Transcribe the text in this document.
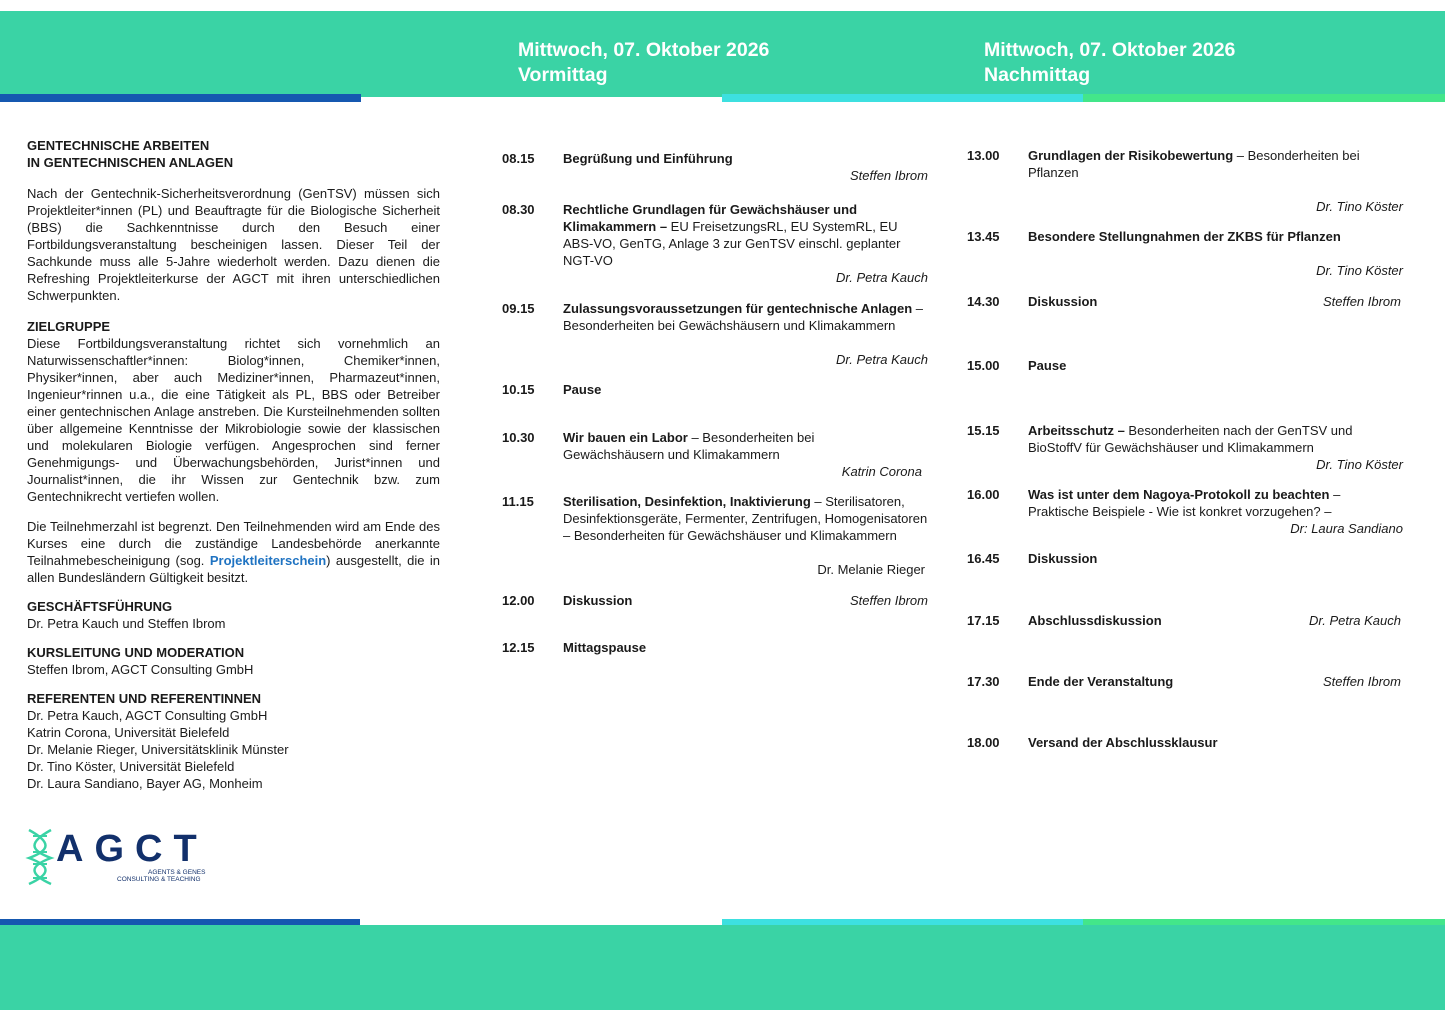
Mittwoch, 07. Oktober 2026
Vormittag
Mittwoch, 07. Oktober 2026
Nachmittag
GENTECHNISCHE ARBEITEN
IN GENTECHNISCHEN ANLAGEN

Nach der Gentechnik-Sicherheitsverordnung (GenTSV) müssen sich Projektleiter*innen (PL) und Beauftragte für die Biologische Sicherheit (BBS) die Sachkenntnisse durch den Besuch einer Fortbildungsveranstaltung bescheinigen lassen. Dieser Teil der Sachkunde muss alle 5-Jahre wiederholt werden. Dazu dienen die Refreshing Projektleiterkurse der AGCT mit ihren unterschiedlichen Schwerpunkten.

ZIELGRUPPE

Diese Fortbildungsveranstaltung richtet sich vornehmlich an Naturwissenschaftler*innen: Biolog*innen, Chemiker*innen, Physiker*innen, aber auch Mediziner*innen, Pharmazeut*innen, Ingenieur*rinnen u.a., die eine Tätigkeit als PL, BBS oder Betreiber einer gentechnischen Anlage anstreben. Die Kursteilnehmenden sollten über allgemeine Kenntnisse der Mikrobiologie sowie der klassischen und molekularen Biologie verfügen. Angesprochen sind ferner Genehmigungs- und Überwachungsbehörden, Jurist*innen und Journalist*innen, die ihr Wissen zur Gentechnik bzw. zum Gentechnikrecht vertiefen wollen.

Die Teilnehmerzahl ist begrenzt. Den Teilnehmenden wird am Ende des Kurses eine durch die zuständige Landesbehörde anerkannte Teilnahmebescheinigung (sog. Projektleiterschein) ausgestellt, die in allen Bundesländern Gültigkeit besitzt.

GESCHÄFTSFÜHRUNG

Dr. Petra Kauch und Steffen Ibrom

KURSLEITUNG UND MODERATION

Steffen Ibrom, AGCT Consulting GmbH

REFERENTEN UND REFERENTINNEN
Dr. Petra Kauch, AGCT Consulting GmbH
Katrin Corona, Universität Bielefeld
Dr. Melanie Rieger, Universitätsklinik Münster
Dr. Tino Köster, Universität Bielefeld
Dr. Laura Sandiano, Bayer AG, Monheim
AGCT
AGENTS & GENES
CONSULTING & TEACHING
08.15 Begrüßung und Einführung
Steffen Ibrom
08.30 Rechtliche Grundlagen für Gewächshäuser und Klimakammern – EU FreisetzungsRL, EU SystemRL, EU ABS-VO, GenTG, Anlage 3 zur GenTSV einschl. geplanter NGT-VO
Dr. Petra Kauch
09.15 Zulassungsvoraussetzungen für gentechnische Anlagen – Besonderheiten bei Gewächshäusern und Klimakammern
Dr. Petra Kauch
10.15 Pause
10.30 Wir bauen ein Labor – Besonderheiten bei Gewächshäusern und Klimakammern
Katrin Corona
11.15 Sterilisation, Desinfektion, Inaktivierung – Sterilisatoren, Desinfektionsgeräte, Fermenter, Zentrifugen, Homogenisatoren – Besonderheiten für Gewächshäuser und Klimakammern
Dr. Melanie Rieger
12.00 Diskussion	Steffen Ibrom
12.15 Mittagspause
13.00 Grundlagen der Risikobewertung – Besonderheiten bei Pflanzen
Dr. Tino Köster
13.45 Besondere Stellungnahmen der ZKBS für Pflanzen
Dr. Tino Köster
14.30 Diskussion	Steffen Ibrom
15.00 Pause
15.15 Arbeitsschutz – Besonderheiten nach der GenTSV und BioStoffV für Gewächshäuser und Klimakammern
Dr. Tino Köster
16.00 Was ist unter dem Nagoya-Protokoll zu beachten – Praktische Beispiele - Wie ist konkret vorzugehen? –
Dr: Laura Sandiano
16.45 Diskussion
17.15 Abschlussdiskussion	Dr. Petra Kauch
17.30 Ende der Veranstaltung	Steffen Ibrom
18.00 Versand der Abschlussklausur
